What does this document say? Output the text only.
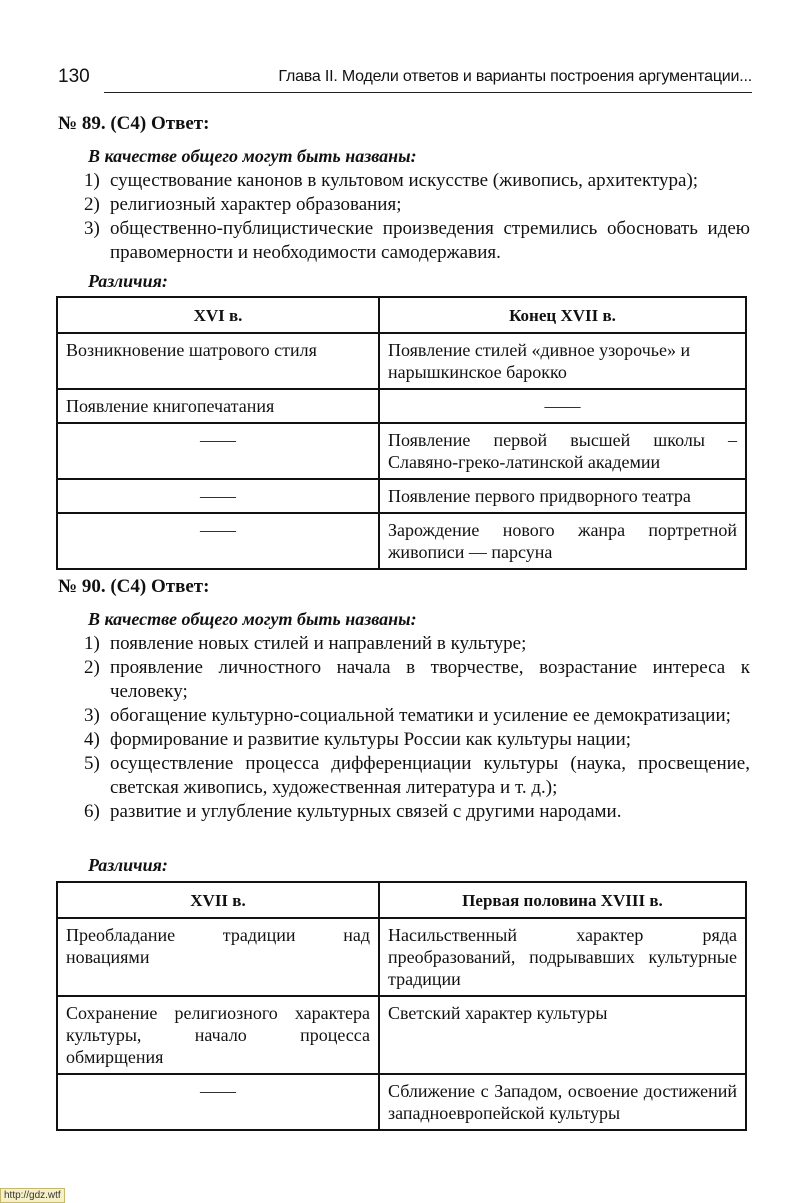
130	Глава II. Модели ответов и варианты построения аргументации...
№ 89. (С4) Ответ:
В качестве общего могут быть названы:
1) существование канонов в культовом искусстве (живопись, архитектура);
2) религиозный характер образования;
3) общественно-публицистические произведения стремились обосновать идею правомерности и необходимости самодержавия.
Различия:
XVI в.	Конец XVII в.
Возникновение шатрового стиля	Появление стилей «дивное узорочье» и нарышкинское барокко
Появление книгопечатания	——
——	Появление первой высшей школы – Славяно-греко-латинской академии
——	Появление первого придворного театра
——	Зарождение нового жанра портретной живописи — парсуна
№ 90. (С4) Ответ:
В качестве общего могут быть названы:
1) появление новых стилей и направлений в культуре;
2) проявление личностного начала в творчестве, возрастание интереса к человеку;
3) обогащение культурно-социальной тематики и усиление ее демократизации;
4) формирование и развитие культуры России как культуры нации;
5) осуществление процесса дифференциации культуры (наука, просвещение, светская живопись, художественная литература и т. д.);
6) развитие и углубление культурных связей с другими народами.
Различия:
XVII в.	Первая половина XVIII в.
Преобладание традиции над новациями	Насильственный характер ряда преобразований, подрывавших культурные традиции
Сохранение религиозного характера культуры, начало процесса обмирщения	Светский характер культуры
——	Сближение с Западом, освоение достижений западноевропейской культуры
http://gdz.wtf
